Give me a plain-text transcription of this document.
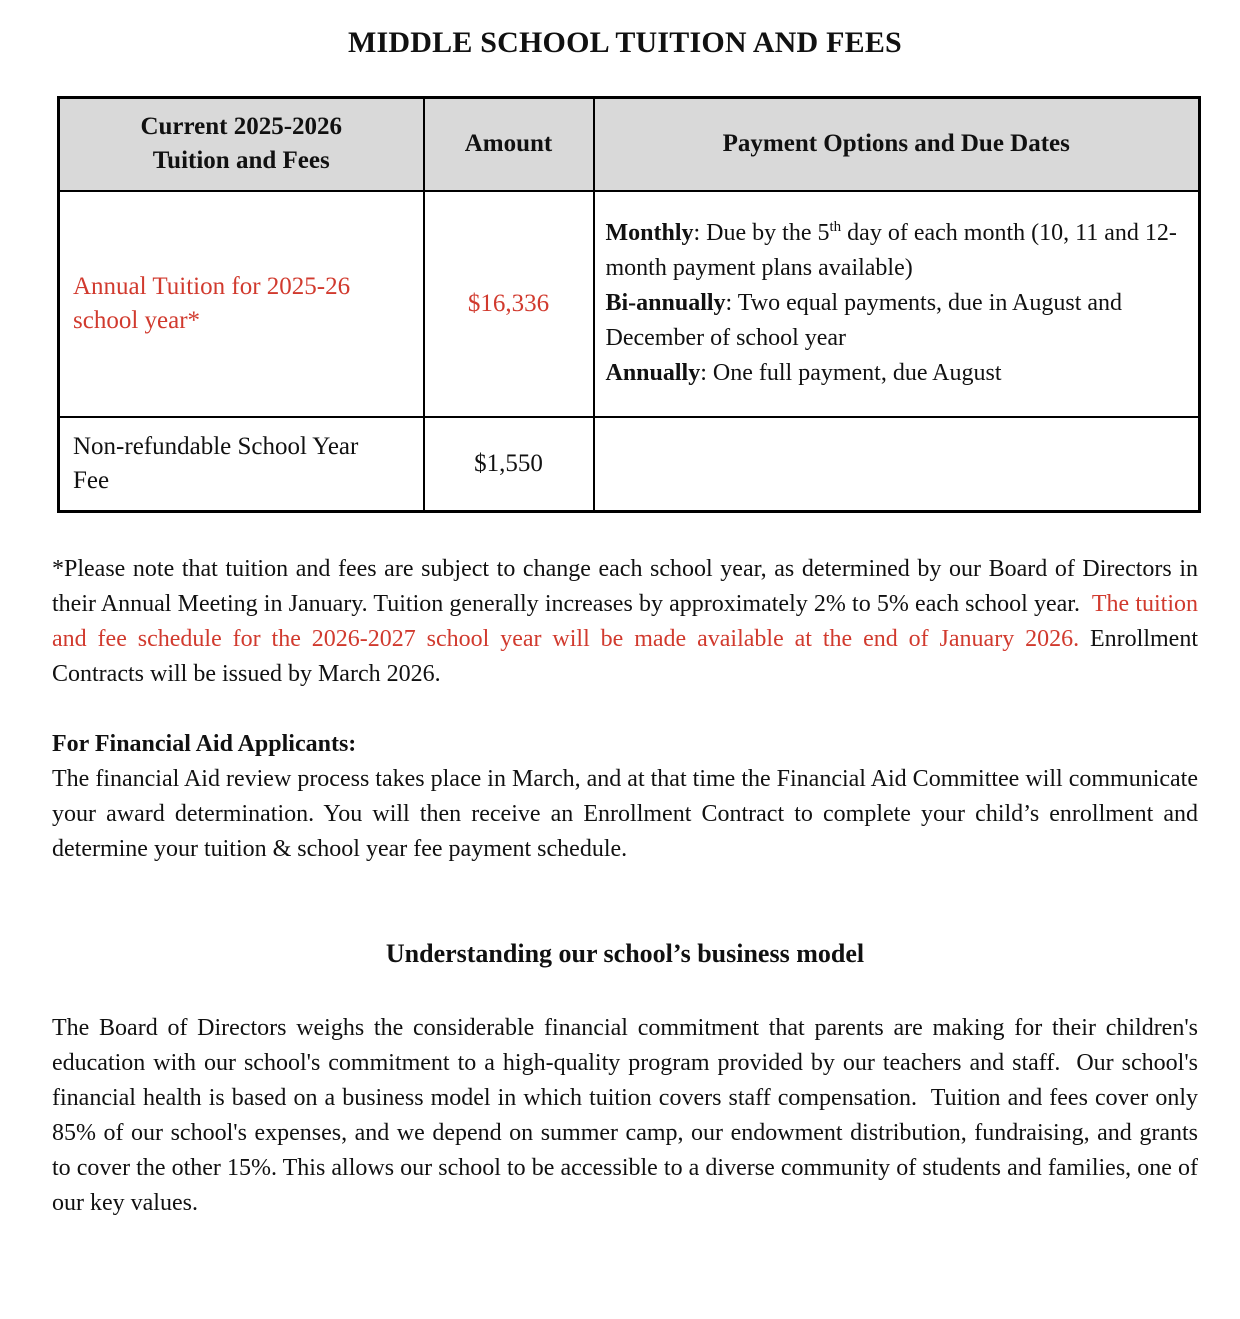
MIDDLE SCHOOL TUITION AND FEES
Current 2025-2026 Tuition and Fees	Amount	Payment Options and Due Dates
Annual Tuition for 2025-26 school year*	$16,336	Monthly: Due by the 5th day of each month (10, 11 and 12-month payment plans available)
Bi-annually: Two equal payments, due in August and December of school year
Annually: One full payment, due August

Non-refundable School Year Fee	$1,550	

*Please note that tuition and fees are subject to change each school year, as determined by our Board of Directors in their Annual Meeting in January. Tuition generally increases by approximately 2% to 5% each school year.  The tuition and fee schedule for the 2026-2027 school year will be made available at the end of January 2026. Enrollment Contracts will be issued by March 2026.

For Financial Aid Applicants:
The financial Aid review process takes place in March, and at that time the Financial Aid Committee will communicate your award determination. You will then receive an Enrollment Contract to complete your child’s enrollment and determine your tuition & school year fee payment schedule.
Understanding our school’s business model

The Board of Directors weighs the considerable financial commitment that parents are making for their children's education with our school's commitment to a high-quality program provided by our teachers and staff.  Our school's financial health is based on a business model in which tuition covers staff compensation.  Tuition and fees cover only 85% of our school's expenses, and we depend on summer camp, our endowment distribution, fundraising, and grants to cover the other 15%. This allows our school to be accessible to a diverse community of students and families, one of our key values.
